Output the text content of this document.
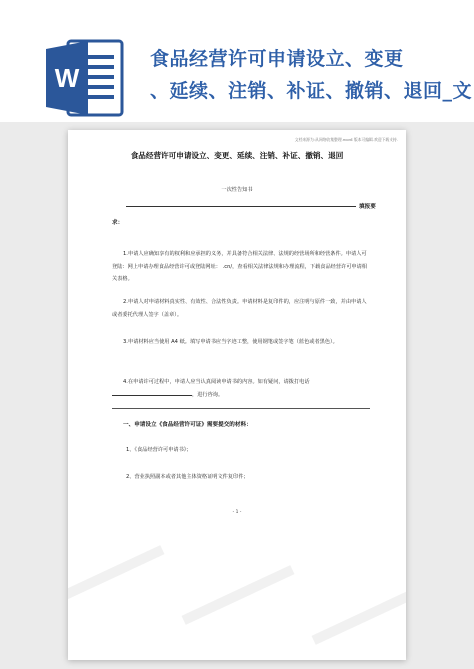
W
食品经营许可申请设立、变更
、延续、注销、补证、撤销、退回_文
文档来源为:从网络收集整理.word 版本可编辑.欢迎下载支持.
食品经营许可申请设立、变更、延续、注销、补证、撤销、退回
一次性告知书
填报要
求：
1.申请人应确知享有的权利和应承担的义务，并具备符合相关法律、法规的经营场所和经营条件。申请人可登陆：网上申请办理食品经营许可或登陆网址： .cn/，查看相关法律法规和办理流程，下载食品经营许可申请相关表格。
2.申请人对申请材料真实性、有效性、合法性负责。申请材料是复印件的，应注明与原件一致，并由申请人或者委托代理人签字（盖章）。
3.申请材料应当使用 A4 纸。填写申请书应当字迹工整，使用钢笔或签字笔（蓝色或者黑色）。
4.在申请许可过程中，申请人应当认真阅读申请书的内容。如有疑问，请拨打电话，进行咨询。
一、申请设立《食品经营许可证》需要提交的材料：
1、《食品经营许可申请书》；
2、营业执照副本或者其他主体资格证明文件复印件；
- 1 -
